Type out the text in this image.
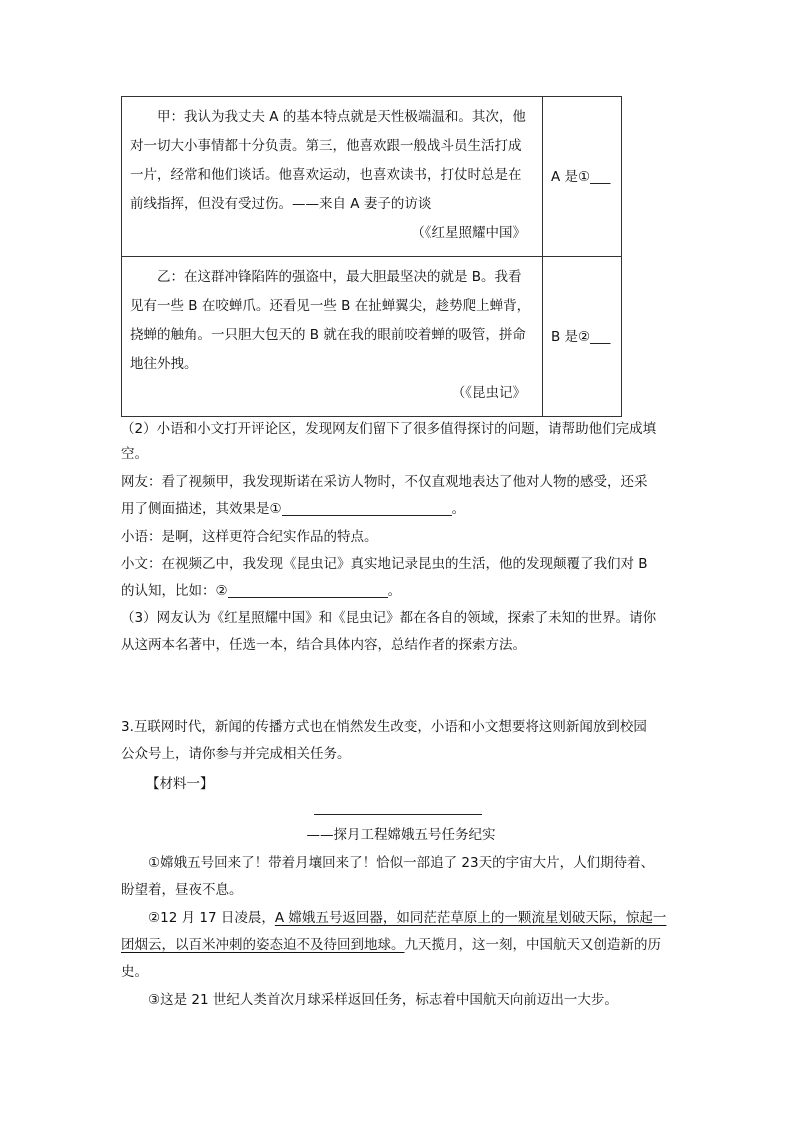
甲：我认为我丈夫 A 的基本特点就是天性极端温和。其次，他对一切大小事情都十分负责。第三，他喜欢跟一般战斗员生活打成一片，经常和他们谈话。他喜欢运动，也喜欢读书，打仗时总是在前线指挥，但没有受过伤。——来自 A 妻子的访谈

（《红星照耀中国》	A 是①___

乙：在这群冲锋陷阵的强盗中，最大胆最坚决的就是 B。我看见有一些 B 在咬蝉爪。还看见一些 B 在扯蝉翼尖，趁势爬上蝉背，挠蝉的触角。一只胆大包天的 B 就在我的眼前咬着蝉的吸管，拼命地往外拽。

（《昆虫记》	B 是②___

（2）小语和小文打开评论区，发现网友们留下了很多值得探讨的问题，请帮助他们完成填

空。

网友：看了视频甲，我发现斯诺在采访人物时，不仅直观地表达了他对人物的感受，还采

用了侧面描述，其效果是①	。

小语：是啊，这样更符合纪实作品的特点。

小文：在视频乙中，我发现《昆虫记》真实地记录昆虫的生活，他的发现颠覆了我们对 B

的认知，比如：②	。

（3）网友认为《红星照耀中国》和《昆虫记》都在各自的领域，探索了未知的世界。请你

从这两本名著中，任选一本，结合具体内容，总结作者的探索方法。

3.互联网时代，新闻的传播方式也在悄然发生改变，小语和小文想要将这则新闻放到校园

公众号上，请你参与并完成相关任务。

【材料一】

——探月工程嫦娥五号任务纪实

①嫦娥五号回来了！带着月壤回来了！恰似一部追了 23天的宇宙大片，人们期待着、

盼望着，昼夜不息。

②12 月 17 日凌晨，A 嫦娥五号返回器，如同茫茫草原上的一颗流星划破天际，惊起一

团烟云，以百米冲刺的姿态迫不及待回到地球。九天揽月，这一刻，中国航天又创造新的历

史。

③这是 21 世纪人类首次月球采样返回任务，标志着中国航天向前迈出一大步。
